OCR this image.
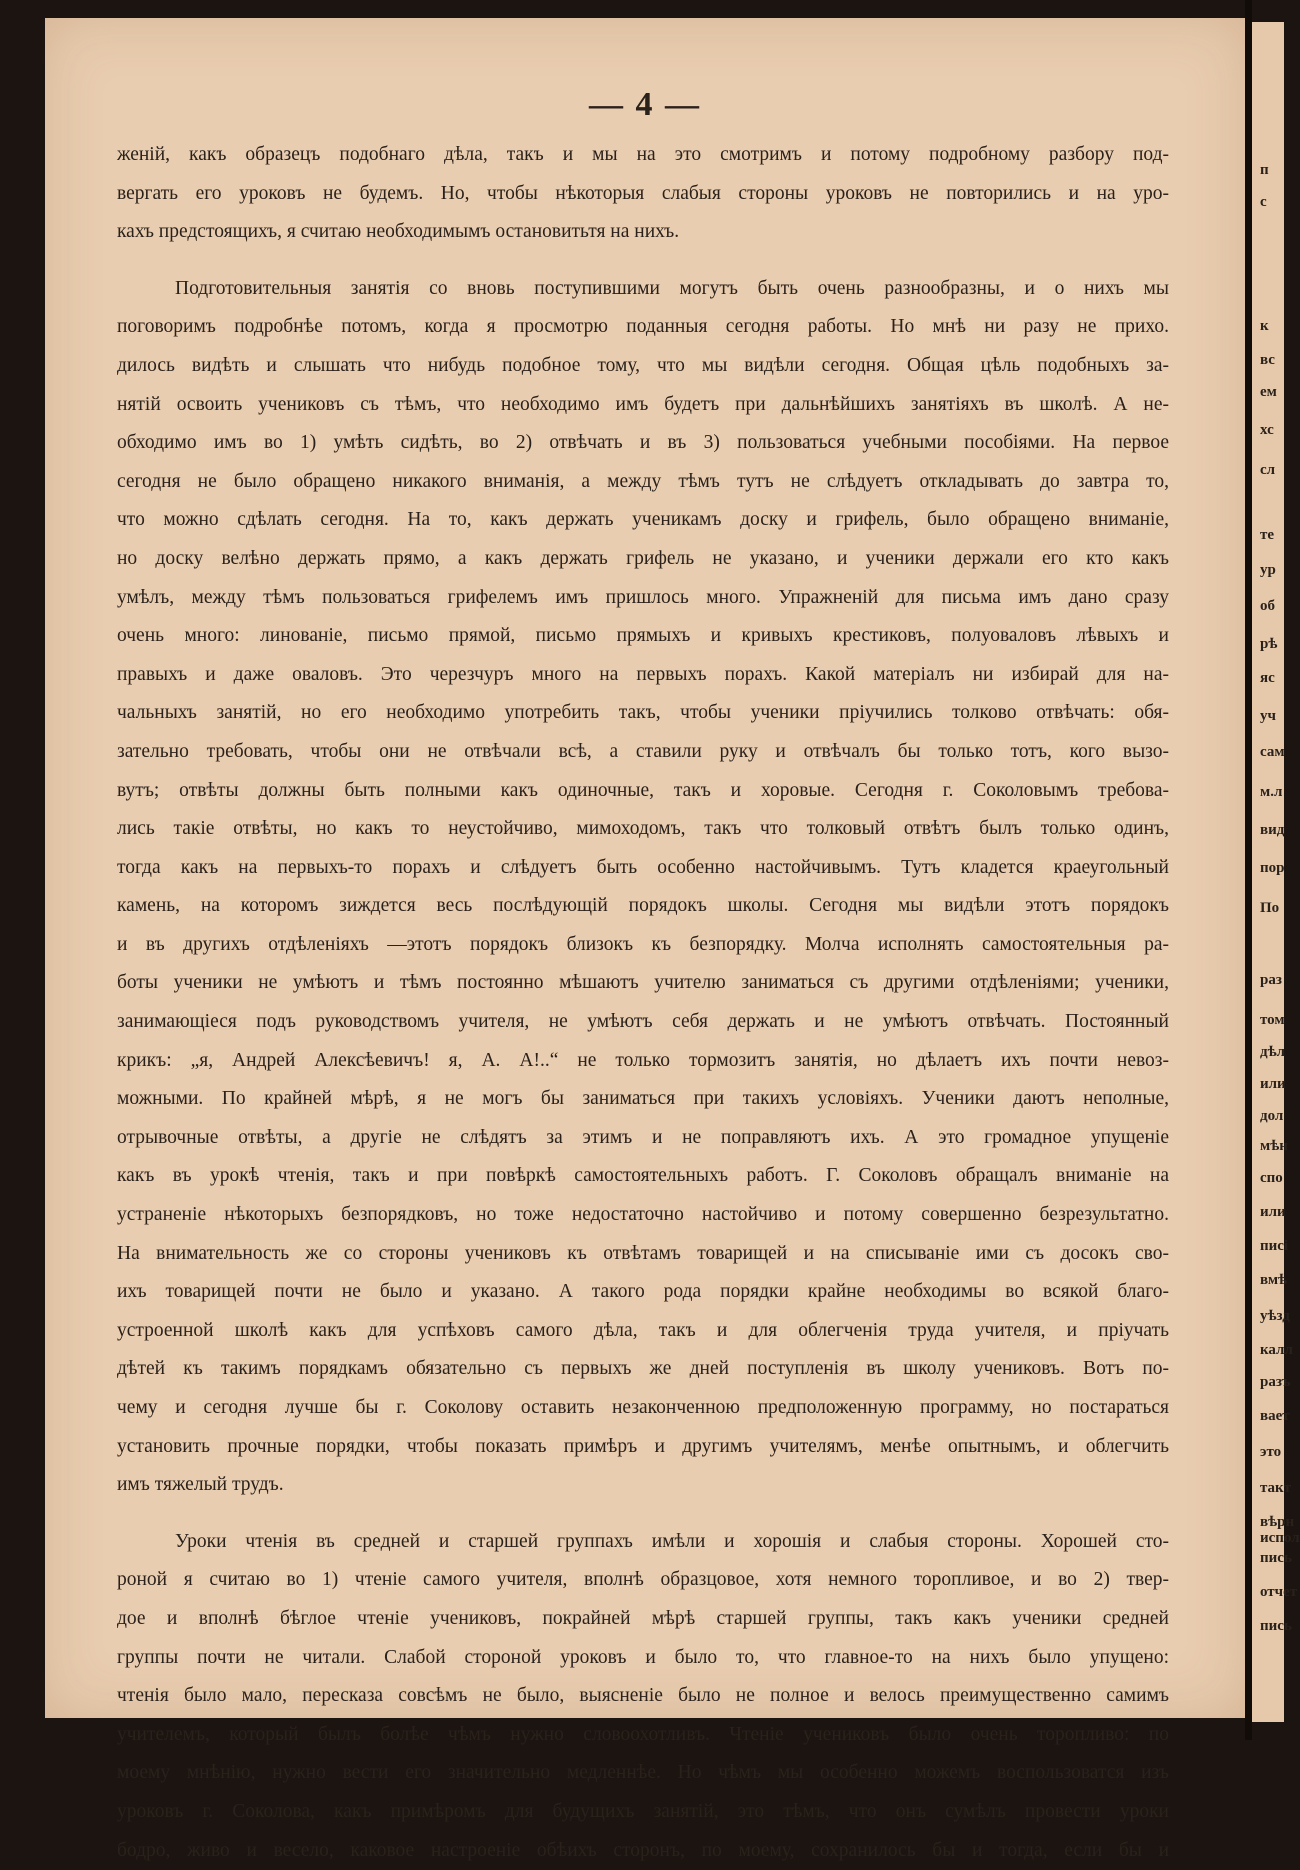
п
с
к
вс
ем
хс
сл
те
ур
об
рѣ
яс
уч
сам
м.л
вид
пор
По
раз
том
дѣл
или
дол
мѣн
спо
или
писі
вмѣ
уѣзд
калл
разъ
вает
это
такт
вѣрн
пись
отчет
пись
испол
— 4 —
женій, какъ образецъ подобнаго дѣла, такъ и мы на это смотримъ и потому подробному разбору под-
вергать его уроковъ не будемъ. Но, чтобы нѣкоторыя слабыя стороны уроковъ не повторились и на уро-
кахъ предстоящихъ, я считаю необходимымъ остановитьтя на нихъ.
Подготовительныя занятія со вновь поступившими могутъ быть очень разнообразны, и о нихъ мы
поговоримъ подробнѣе потомъ, когда я просмотрю поданныя сегодня работы. Но мнѣ ни разу не прихо.
дилось видѣть и слышать что нибудь подобное тому, что мы видѣли сегодня. Общая цѣль подобныхъ за-
нятій освоить учениковъ съ тѣмъ, что необходимо имъ будетъ при дальнѣйшихъ занятіяхъ въ школѣ. А не-
обходимо имъ во 1) умѣть сидѣть, во 2) отвѣчать и въ 3) пользоваться учебными пособіями. На первое
сегодня не было обращено никакого вниманія, а между тѣмъ тутъ не слѣдуетъ откладывать до завтра то,
что можно сдѣлать сегодня. На то, какъ держать ученикамъ доску и грифель, было обращено вниманіе,
но доску велѣно держать прямо, а какъ держать грифель не указано, и ученики держали его кто какъ
умѣлъ, между тѣмъ пользоваться грифелемъ имъ пришлось много. Упражненій для письма имъ дано сразу
очень много: линованіе, письмо прямой, письмо прямыхъ и кривыхъ крестиковъ, полуоваловъ лѣвыхъ и
правыхъ и даже оваловъ. Это черезчуръ много на первыхъ порахъ. Какой матеріалъ ни избирай для на-
чальныхъ занятій, но его необходимо употребить такъ, чтобы ученики пріучились толково отвѣчать: обя-
зательно требовать, чтобы они не отвѣчали всѣ, а ставили руку и отвѣчалъ бы только тотъ, кого вызо-
вутъ; отвѣты должны быть полными какъ одиночные, такъ и хоровые. Сегодня г. Соколовымъ требова-
лись такіе отвѣты, но какъ то неустойчиво, мимоходомъ, такъ что толковый отвѣтъ былъ только одинъ,
тогда какъ на первыхъ-то порахъ и слѣдуетъ быть особенно настойчивымъ. Тутъ кладется краеугольный
камень, на которомъ зиждется весь послѣдующій порядокъ школы. Сегодня мы видѣли этотъ порядокъ
и въ другихъ отдѣленіяхъ —этотъ порядокъ близокъ къ безпорядку. Молча исполнять самостоятельныя ра-
боты ученики не умѣютъ и тѣмъ постоянно мѣшаютъ учителю заниматься съ другими отдѣленіями; ученики,
занимающіеся подъ руководствомъ учителя, не умѣютъ себя держать и не умѣютъ отвѣчать. Постоянный
крикъ: „я, Андрей Алексѣевичъ! я, А. А!..“ не только тормозитъ занятія, но дѣлаетъ ихъ почти невоз-
можными. По крайней мѣрѣ, я не могъ бы заниматься при такихъ условіяхъ. Ученики даютъ неполные,
отрывочные отвѣты, а другіе не слѣдятъ за этимъ и не поправляютъ ихъ. А это громадное упущеніе
какъ въ урокѣ чтенія, такъ и при повѣркѣ самостоятельныхъ работъ. Г. Соколовъ обращалъ вниманіе на
устраненіе нѣкоторыхъ безпорядковъ, но тоже недостаточно настойчиво и потому совершенно безрезультатно.
На внимательность же со стороны учениковъ къ отвѣтамъ товарищей и на списываніе ими съ досокъ сво-
ихъ товарищей почти не было и указано. А такого рода порядки крайне необходимы во всякой благо-
устроенной школѣ какъ для успѣховъ самого дѣла, такъ и для облегченія труда учителя, и пріучать
дѣтей къ такимъ порядкамъ обязательно съ первыхъ же дней поступленія въ школу учениковъ. Вотъ по-
чему и сегодня лучше бы г. Соколову оставить незаконченною предположенную программу, но постараться
установить прочные порядки, чтобы показать примѣръ и другимъ учителямъ, менѣе опытнымъ, и облегчить
имъ тяжелый трудъ.
Уроки чтенія въ средней и старшей группахъ имѣли и хорошія и слабыя стороны. Хорошей сто-
роной я считаю во 1) чтеніе самого учителя, вполнѣ образцовое, хотя немного торопливое, и во 2) твер-
дое и вполнѣ бѣглое чтеніе учениковъ, покрайней мѣрѣ старшей группы, такъ какъ ученики средней
группы почти не читали. Слабой стороной уроковъ и было то, что главное-то на нихъ было упущено:
чтенія было мало, пересказа совсѣмъ не было, выясненіе было не полное и велось преимущественно самимъ
учителемъ, который былъ болѣе чѣмъ нужно словоохотливъ. Чтеніе учениковъ было очень торопливо: по
моему мнѣнію, нужно вести его значительно медленнѣе. Но чѣмъ мы особенно можемъ воспользоватся изъ
уроковъ г. Соколова, какъ примѣромъ для будущихъ занятій, это тѣмъ, что онъ сумѣлъ провести уроки
бодро, живо и весело, каковое настроеніе обѣихъ сторонъ, по моему, сохранилось бы и тогда, если бы и
